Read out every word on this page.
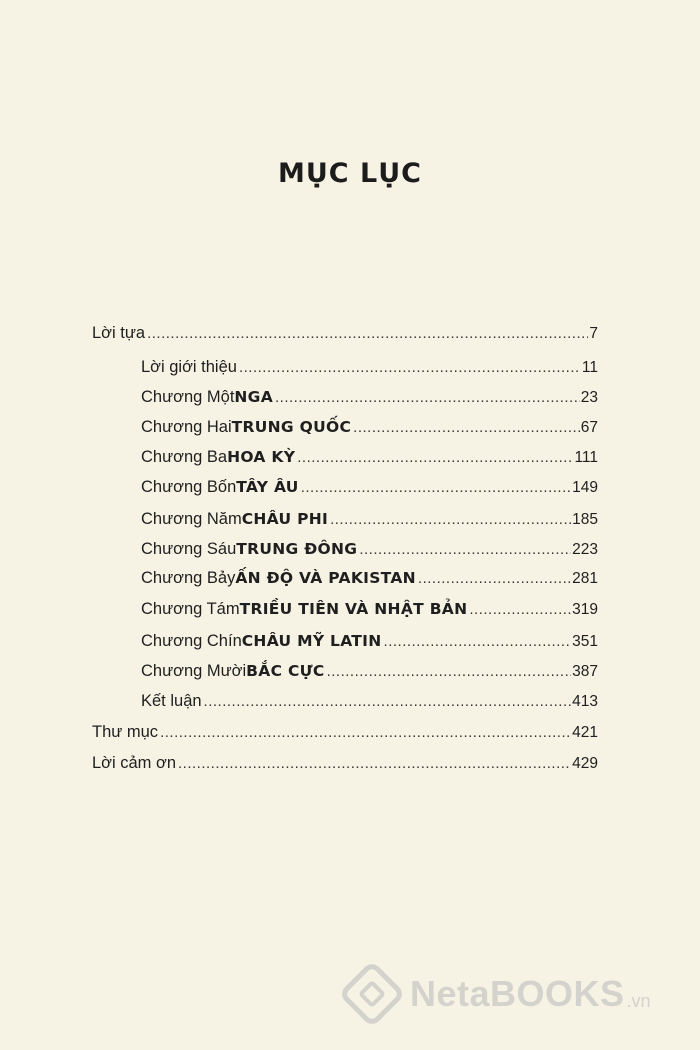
MỤC LỤC
Lời tựa .....	7
Lời giới thiệu .....	11
Chương Một NGA .....	23
Chương Hai TRUNG QUỐC .....	67
Chương Ba HOA KỲ .....	111
Chương Bốn TÂY ÂU .....	149
Chương Năm CHÂU PHI .....	185
Chương Sáu TRUNG ĐÔNG .....	223
Chương Bảy ẤN ĐỘ VÀ PAKISTAN .....	281
Chương Tám TRIỀU TIÊN VÀ NHẬT BẢN .....	319
Chương Chín CHÂU MỸ LATIN .....	351
Chương Mười BẮC CỰC .....	387
Kết luận .....	413
Thư mục .....	421
Lời cảm ơn .....	429
NetaBOOKS .vn
